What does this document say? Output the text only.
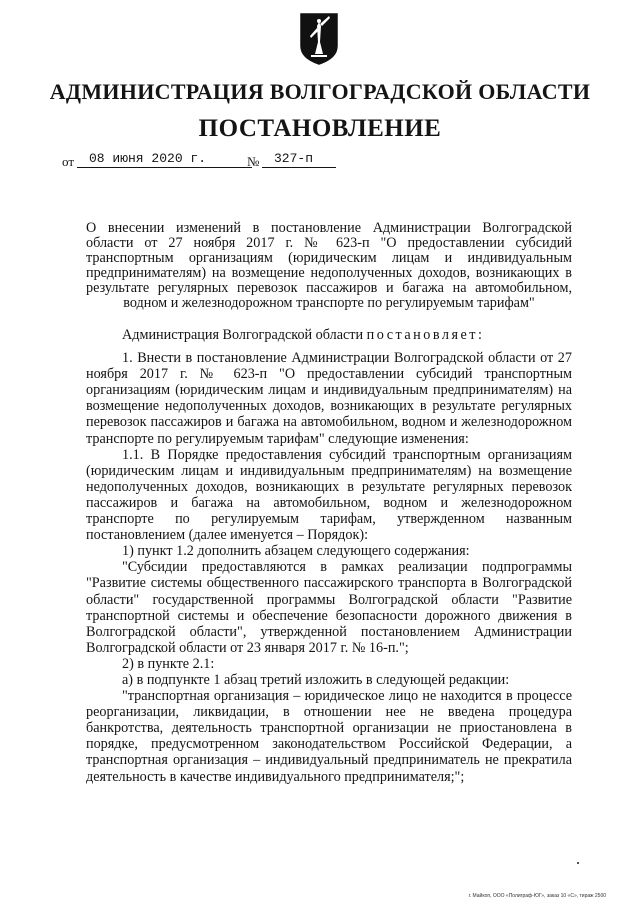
АДМИНИСТРАЦИЯ ВОЛГОГРАДСКОЙ ОБЛАСТИ
ПОСТАНОВЛЕНИЕ
от	08 июня 2020 г.	№	327-п
О внесении изменений в постановление Администрации Волгоградской области от 27 ноября 2017 г. № 623-п "О предоставлении субсидий транспортным организациям (юридическим лицам и индивидуальным предпринимателям) на возмещение недополученных доходов, возникающих в результате регулярных перевозок пассажиров и багажа на автомобильном, водном и железнодорожном транспорте по регулируемым тарифам"

Администрация Волгоградской области постановляет:

1. Внести в постановление Администрации Волгоградской области от 27 ноября 2017 г. № 623-п "О предоставлении субсидий транспортным организациям (юридическим лицам и индивидуальным предпринимателям) на возмещение недополученных доходов, возникающих в результате регулярных перевозок пассажиров и багажа на автомобильном, водном и железнодорожном транспорте по регулируемым тарифам" следующие изменения:

1.1. В Порядке предоставления субсидий транспортным организациям (юридическим лицам и индивидуальным предпринимателям) на возмещение недополученных доходов, возникающих в результате регулярных перевозок пассажиров и багажа на автомобильном, водном и железнодорожном транспорте по регулируемым тарифам, утвержденном названным постановлением (далее именуется – Порядок):

1) пункт 1.2 дополнить абзацем следующего содержания:

"Субсидии предоставляются в рамках реализации подпрограммы "Развитие системы общественного пассажирского транспорта в Волгоградской области" государственной программы Волгоградской области "Развитие транспортной системы и обеспечение безопасности дорожного движения в Волгоградской области", утвержденной постановлением Администрации Волгоградской области от 23 января 2017 г. № 16-п.";

2) в пункте 2.1:

а) в подпункте 1 абзац третий изложить в следующей редакции:

"транспортная организация – юридическое лицо не находится в процессе реорганизации, ликвидации, в отношении нее не введена процедура банкротства, деятельность транспортной организации не приостановлена в порядке, предусмотренном законодательством Российской Федерации, а транспортная организация – индивидуальный предприниматель не прекратила деятельность в качестве индивидуального предпринимателя;";

г. Майкоп, ООО «Полиграф-ЮГ», заказ 10 «С», тираж 2500
